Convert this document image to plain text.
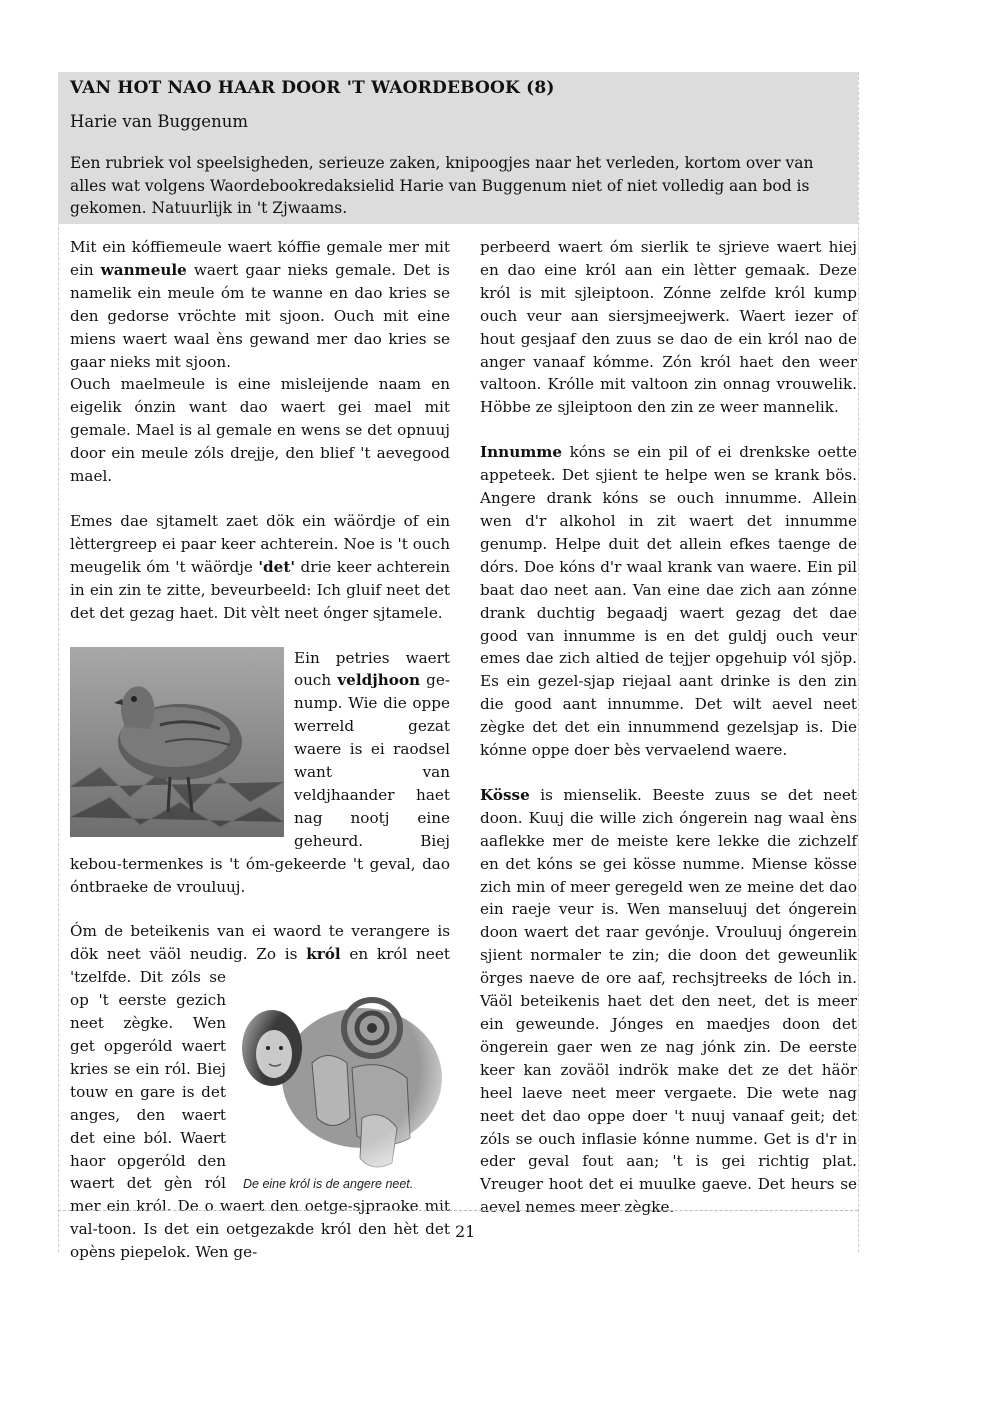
VAN HOT NAO HAAR DOOR 'T WAORDEBOOK (8)
Harie van Buggenum
Een rubriek vol speelsigheden, serieuze zaken, knipoogjes naar het verleden, kortom over van alles wat volgens Waordebookredaksielid Harie van Buggenum niet of niet volledig aan bod is gekomen. Natuurlijk in 't Zjwaams.

Mit ein kóffiemeule waert kóffie gemale mer mit ein wanmeule waert gaar nieks gemale. Det is namelik ein meule óm te wanne en dao kries se den gedorse vröchte mit sjoon. Ouch mit eine miens waert waal èns gewand mer dao kries se gaar nieks mit sjoon.

Ouch maelmeule is eine misleijende naam en eigelik ónzin want dao waert gei mael mit gemale. Mael is al gemale en wens se det opnuuj door ein meule zóls drejje, den blief 't aevegood mael.

Emes dae sjtamelt zaet dök ein wäördje of ein lèttergreep ei paar keer achterein. Noe is 't ouch meugelik óm 't wäördje 'det' drie keer achterein in ein zin te zitte, beveurbeeld: Ich gluif neet det det det gezag haet. Dit vèlt neet ónger sjtamele.

Ein petries waert ouch veldjhoon ge-nump. Wie die oppe werreld gezat waere is ei raodsel want van veldjhaander haet nag nootj eine geheurd. Biej kebou-termenkes is 't óm-gekeerde 't geval, dao óntbraeke de vrouluuj.

Óm de beteikenis van ei waord te verangere is dök neet väöl neudig. Zo is król
en król neet 'tzelfde. Dit zóls se op 't eerste gezich neet zègke. Wen get opgeróld waert kries se ein ról. Biej touw en gare is det anges, den waert det eine ból. Waert haor opgeróld den waert det gèn ról mer ein król. De o waert den oetge-sjpraoke mit val-toon. Is det ein oetgezakde król den hèt det opèns piepelok. Wen ge-

De eine król is de angere neet.

perbeerd waert óm sierlik te sjrieve waert hiej en dao eine król aan ein lètter gemaak. Deze król is mit sjleiptoon. Zónne zelfde król kump ouch veur aan siersjmeejwerk. Waert iezer of hout gesjaaf den zuus se dao de ein król nao de anger vanaaf kómme. Zón król haet den weer valtoon. Królle mit valtoon zin onnag vrouwelik. Höbbe ze sjleiptoon den zin ze weer mannelik.

Innumme kóns se ein pil of ei drenkske oette appeteek. Det sjient te helpe wen se krank bös. Angere drank kóns se ouch innumme. Allein wen d'r alkohol in zit waert det innumme genump. Helpe duit det allein efkes taenge de dórs. Doe kóns d'r waal krank van waere. Ein pil baat dao neet aan. Van eine dae zich aan zónne drank duchtig begaadj waert gezag det dae good van innumme is en det guldj ouch veur emes dae zich altied de tejjer opgehuip vól sjöp. Es ein gezel-sjap riejaal aant drinke is den zin die good aant innumme. Det wilt aevel neet zègke det det ein innummend gezelsjap is. Die kónne oppe doer bès vervaelend waere.

Kösse is mienselik. Beeste zuus se det neet doon. Kuuj die wille zich óngerein nag waal èns aaflekke mer de meiste kere lekke die zichzelf en det kóns se gei kösse numme. Miense kösse zich min of meer geregeld wen ze meine det dao ein raeje veur is. Wen manseluuj det óngerein doon waert det raar gevónje. Vrouluuj óngerein sjient normaler te zin; die doon det geweunlik örges naeve de ore aaf, rechsjtreeks de lóch in. Väöl beteikenis haet det den neet, det is meer ein geweunde. Jónges en maedjes doon det öngerein gaer wen ze nag jónk zin. De eerste keer kan zoväöl indrök make det ze det häör heel laeve neet meer vergaete. Die wete nag neet det dao oppe doer 't nuuj vanaaf geit; det zóls se ouch inflasie kónne numme. Get is d'r in eder geval fout aan; 't is gei richtig plat. Vreuger hoot det ei muulke gaeve. Det heurs se aevel nemes meer zègke.

21
